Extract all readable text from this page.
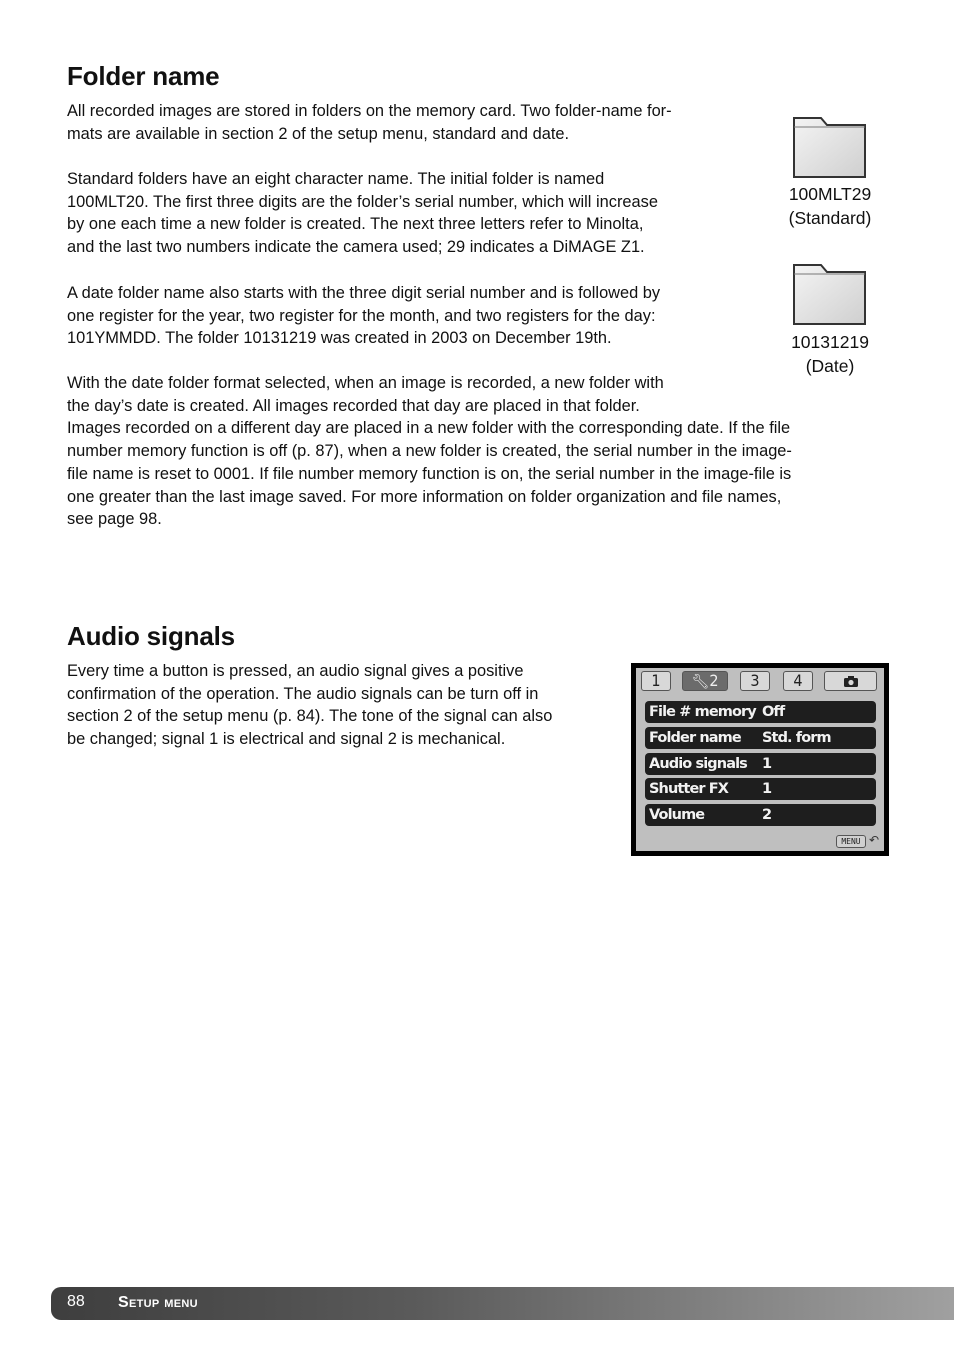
Folder name
All recorded images are stored in folders on the memory card. Two folder-name for-
mats are available in section 2 of the setup menu, standard and date.
Standard folders have an eight character name. The initial folder is named
100MLT20. The first three digits are the folder’s serial number, which will increase
by one each time a new folder is created. The next three letters refer to Minolta,
and the last two numbers indicate the camera used; 29 indicates a DiMAGE Z1.
A date folder name also starts with the three digit serial number and is followed by
one register for the year, two register for the month, and two registers for the day:
101YMMDD. The folder 10131219 was created in 2003 on December 19th.
With the date folder format selected, when an image is recorded, a new folder with
the day’s date is created. All images recorded that day are placed in that folder.
Images recorded on a different day are placed in a new folder with the corresponding date. If the file
number memory function is off (p. 87), when a new folder is created, the serial number in the image-
file name is reset to 0001. If file number memory function is on, the serial number in the image-file is
one greater than the last image saved. For more information on folder organization and file names,
see page 98.
100MLT29
(Standard)
10131219
(Date)
Audio signals
Every time a button is pressed, an audio signal gives a positive
confirmation of the operation. The audio signals can be turn off in
section 2 of the setup menu (p. 84). The tone of the signal can also
be changed; signal 1 is electrical and signal 2 is mechanical.
1	🔧︎2	3	4
File # memory Off
Folder name Std. form
Audio signals 1
Shutter FX 1
Volume	2
MENU ↶
88 Setup menu
